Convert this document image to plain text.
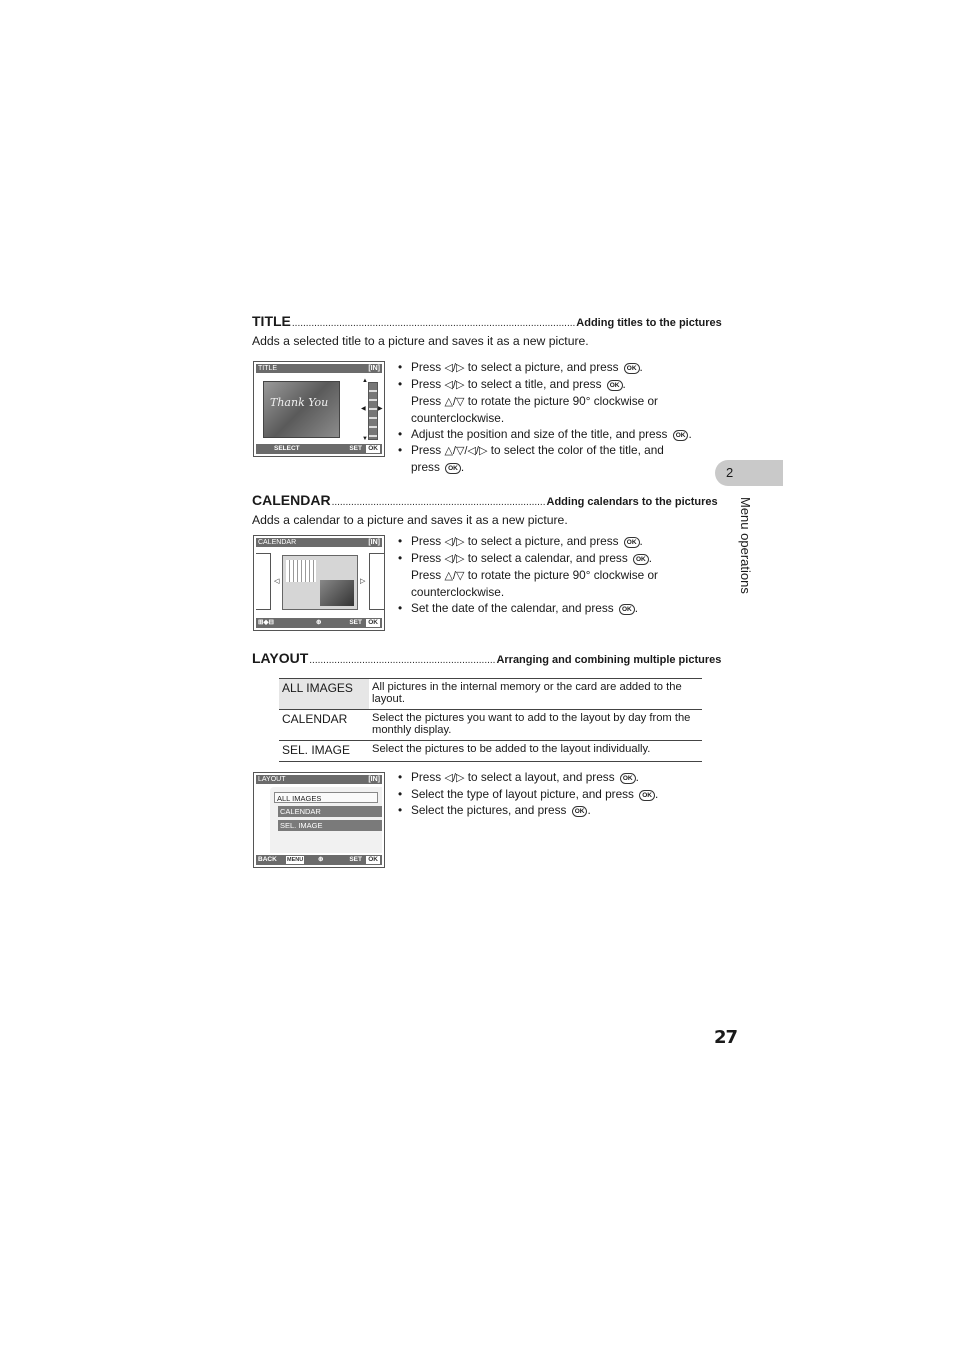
TITLE ...................................................................................................... Adding titles to the pictures
Adds a selected title to a picture and saves it as a new picture.
TITLE	[IN]
Thank You
▲
◀ ▶
▼
SELECT	SET OK
• Press ◁/▷ to select a picture, and press OK .
• Press ◁/▷ to select a title, and press OK .
Press △/▽ to rotate the picture 90° clockwise or
counterclockwise.
• Adjust the position and size of the title, and press OK .
• Press △/▽/◁/▷ to select the color of the title, and
press OK .
CALENDAR ............................................................................. Adding calendars to the pictures
Adds a calendar to a picture and saves it as a new picture.
CALENDAR	[IN]
◁	▷
⊞◆⊟	⊕	SET OK
• Press ◁/▷ to select a picture, and press OK .
• Press ◁/▷ to select a calendar, and press OK .
Press △/▽ to rotate the picture 90° clockwise or
counterclockwise.
• Set the date of the calendar, and press OK .
LAYOUT ................................................................... Arranging and combining multiple pictures
ALL IMAGES	All pictures in the internal memory or the card are added to the layout.
CALENDAR	Select the pictures you want to add to the layout by day from the monthly display.
SEL. IMAGE	Select the pictures to be added to the layout individually.
LAYOUT	[IN]
ALL IMAGES
CALENDAR
SEL. IMAGE
BACK MENU ⊕	SET OK
• Press ◁/▷ to select a layout, and press OK .
• Select the type of layout picture, and press OK .
• Select the pictures, and press OK .
2
Menu operations
27
